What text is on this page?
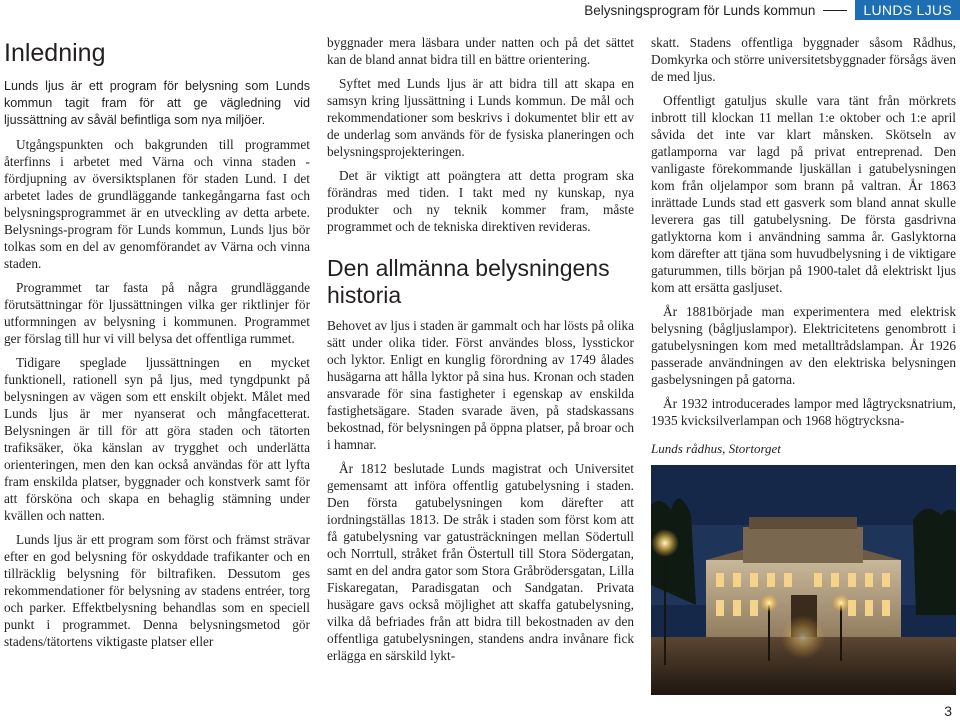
Belysningsprogram för Lunds kommun	LUNDS LJUS
Inledning

Lunds ljus är ett program för belysning som Lunds kommun tagit fram för att ge vägledning vid ljussättning av såväl befintliga som nya miljöer.

Utgångspunkten och bakgrunden till programmet återfinns i arbetet med Värna och vinna staden - fördjupning av översiktsplanen för staden Lund. I det arbetet lades de grundläggande tankegångarna fast och belysningsprogrammet är en utveckling av detta arbete. Belysnings-program för Lunds kommun, Lunds ljus bör tolkas som en del av genomförandet av Värna och vinna staden.

Programmet tar fasta på några grundläggande förutsättningar för ljussättningen vilka ger riktlinjer för utformningen av belysning i kommunen. Programmet ger förslag till hur vi vill belysa det offentliga rummet.

Tidigare speglade ljussättningen en mycket funktionell, rationell syn på ljus, med tyngdpunkt på belysningen av vägen som ett enskilt objekt. Målet med Lunds ljus är mer nyanserat och mångfacetterat. Belysningen är till för att göra staden och tätorten trafiksäker, öka känslan av trygghet och underlätta orienteringen, men den kan också användas för att lyfta fram enskilda platser, byggnader och konstverk samt för att försköna och skapa en behaglig stämning under kvällen och natten.

Lunds ljus är ett program som först och främst strävar efter en god belysning för oskyddade trafikanter och en tillräcklig belysning för biltrafiken. Dessutom ges rekommendationer för belysning av stadens entréer, torg och parker. Effektbelysning behandlas som en speciell punkt i programmet. Denna belysningsmetod gör stadens/tätortens viktigaste platser eller

byggnader mera läsbara under natten och på det sättet kan de bland annat bidra till en bättre orientering.

Syftet med Lunds ljus är att bidra till att skapa en samsyn kring ljussättning i Lunds kommun. De mål och rekommendationer som beskrivs i dokumentet blir ett av de underlag som används för de fysiska planeringen och belysningsprojekteringen.

Det är viktigt att poängtera att detta program ska förändras med tiden. I takt med ny kunskap, nya produkter och ny teknik kommer fram, måste programmet och de tekniska direktiven revideras.

Den allmänna belysningens historia

Behovet av ljus i staden är gammalt och har lösts på olika sätt under olika tider. Först användes bloss, lysstickor och lyktor. Enligt en kunglig förordning av 1749 ålades husägarna att hålla lyktor på sina hus. Kronan och staden ansvarade för sina fastigheter i egenskap av enskilda fastighetsägare. Staden svarade även, på stadskassans bekostnad, för belysningen på öppna platser, på broar och i hamnar.

År 1812 beslutade Lunds magistrat och Universitet gemensamt att införa offentlig gatubelysning i staden. Den första gatubelysningen kom därefter att iordningställas 1813. De stråk i staden som först kom att få gatubelysning var gatusträckningen mellan Södertull och Norrtull, stråket från Östertull till Stora Södergatan, samt en del andra gator som Stora Gråbrödersgatan, Lilla Fiskaregatan, Paradisgatan och Sandgatan. Privata husägare gavs också möjlighet att skaffa gatubelysning, vilka då befriades från att bidra till bekostnaden av den offentliga gatubelysningen, standens andra invånare fick erlägga en särskild lykt-

skatt. Stadens offentliga byggnader såsom Rådhus, Domkyrka och större universitetsbyggnader försågs även de med ljus.

Offentligt gatuljus skulle vara tänt från mörkrets inbrott till klockan 11 mellan 1:e oktober och 1:e april såvida det inte var klart månsken. Skötseln av gatlamporna var lagd på privat entreprenad. Den vanligaste förekommande ljuskällan i gatubelysningen kom från oljelampor som brann på valtran. År 1863 inrättade Lunds stad ett gasverk som bland annat skulle leverera gas till gatubelysning. De första gasdrivna gatlyktorna kom i användning samma år. Gaslyktorna kom därefter att tjäna som huvudbelysning i de viktigare gaturummen, tills början på 1900-talet då elektriskt ljus kom att ersätta gasljuset.

År 1881började man experimentera med elektrisk belysning (bågljuslampor). Elektricitetens genombrott i gatubelysningen kom med metalltrådslampan. År 1926 passerade användningen av den elektriska belysningen gasbelysningen på gatorna.

År 1932 introducerades lampor med lågtrycksnatrium, 1935 kvicksilverlampan och 1968 högtrycksna-

Lunds rådhus, Stortorget
3
